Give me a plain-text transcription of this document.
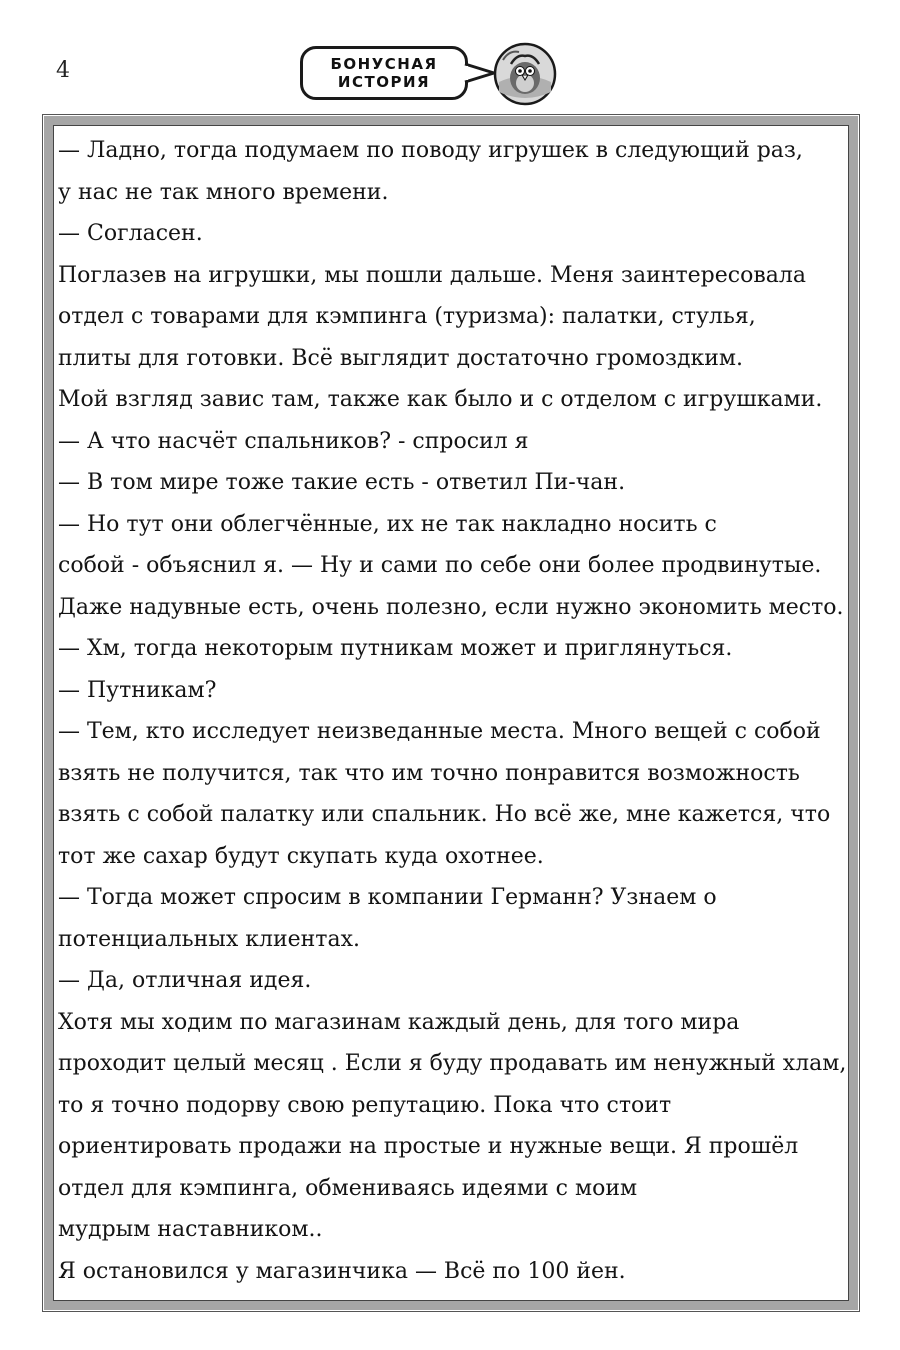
4	БОНУСНАЯ
ИСТОРИЯ
— Ладно, тогда подумаем по поводу игрушек в следующий раз,
у нас не так много времени.
— Согласен.
Поглазев на игрушки, мы пошли дальше. Меня заинтересовала
отдел с товарами для кэмпинга (туризма): палатки, стулья,
плиты для готовки. Всё выглядит достаточно громоздким.
Мой взгляд завис там, также как было и с отделом с игрушками.
— А что насчёт спальников? - спросил я
— В том мире тоже такие есть - ответил Пи-чан.
— Но тут они облегчённые, их не так накладно носить с
собой - объяснил я. — Ну и сами по себе они более продвинутые.
Даже надувные есть, очень полезно, если нужно экономить место.
— Хм, тогда некоторым путникам может и приглянуться.
— Путникам?
— Тем, кто исследует неизведанные места. Много вещей с собой
взять не получится, так что им точно понравится возможность
взять с собой палатку или спальник. Но всё же, мне кажется, что
тот же сахар будут скупать куда охотнее.
— Тогда может спросим в компании Германн? Узнаем о
потенциальных клиентах.
— Да, отличная идея.
Хотя мы ходим по магазинам каждый день, для того мира
проходит целый месяц . Если я буду продавать им ненужный хлам,
то я точно подорву свою репутацию. Пока что стоит
ориентировать продажи на простые и нужные вещи. Я прошёл
отдел для кэмпинга, обмениваясь идеями с моим
мудрым наставником..
Я остановился у магазинчика — Всё по 100 йен.
